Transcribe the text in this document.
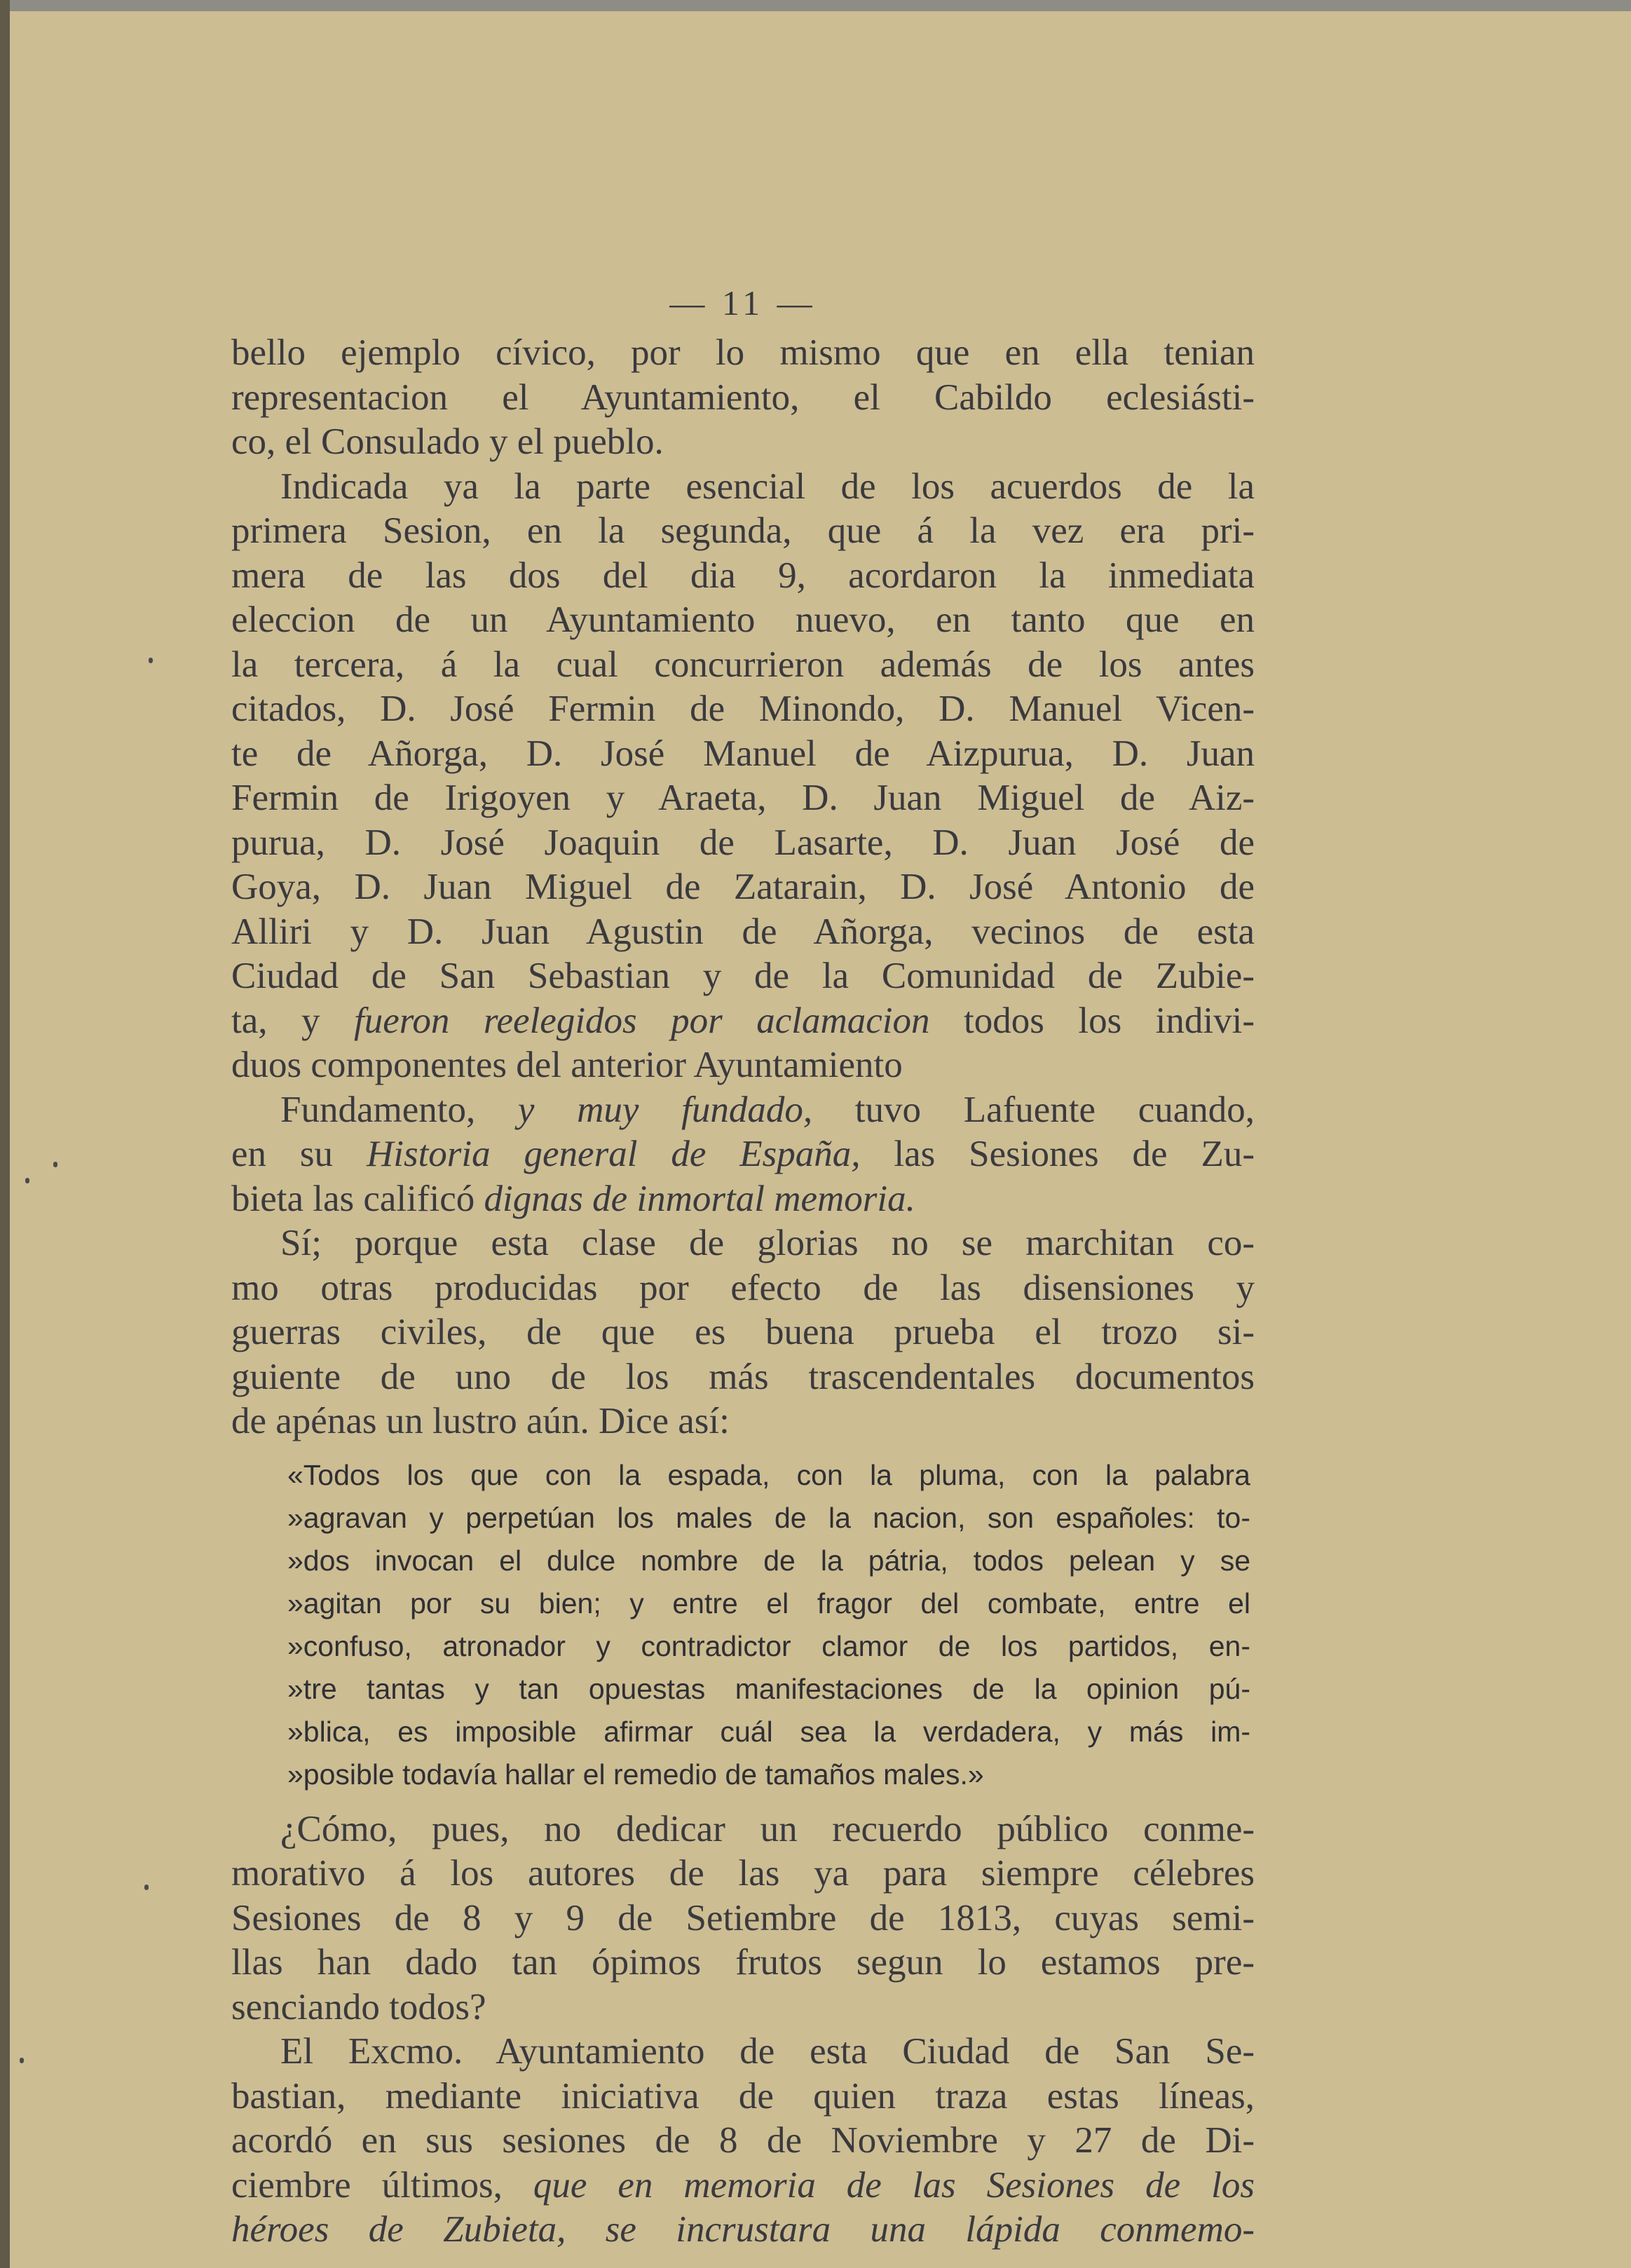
— 11 —
bello ejemplo cívico, por lo mismo que en ella tenian
representacion el Ayuntamiento, el Cabildo eclesiásti-
co, el Consulado y el pueblo.
Indicada ya la parte esencial de los acuerdos de la
primera Sesion, en la segunda, que á la vez era pri-
mera de las dos del dia 9, acordaron la inmediata
eleccion de un Ayuntamiento nuevo, en tanto que en
la tercera, á la cual concurrieron además de los antes
citados, D. José Fermin de Minondo, D. Manuel Vicen-
te de Añorga, D. José Manuel de Aizpurua, D. Juan
Fermin de Irigoyen y Araeta, D. Juan Miguel de Aiz-
purua, D. José Joaquin de Lasarte, D. Juan José de
Goya, D. Juan Miguel de Zatarain, D. José Antonio de
Alliri y D. Juan Agustin de Añorga, vecinos de esta
Ciudad de San Sebastian y de la Comunidad de Zubie-
ta, y fueron reelegidos por aclamacion todos los indivi-
duos componentes del anterior Ayuntamiento
Fundamento, y muy fundado, tuvo Lafuente cuando,
en su Historia general de España, las Sesiones de Zu-
bieta las calificó dignas de inmortal memoria.
Sí; porque esta clase de glorias no se marchitan co-
mo otras producidas por efecto de las disensiones y
guerras civiles, de que es buena prueba el trozo si-
guiente de uno de los más trascendentales documentos
de apénas un lustro aún. Dice así:
«Todos los que con la espada, con la pluma, con la palabra
»agravan y perpetúan los males de la nacion, son españoles: to-
»dos invocan el dulce nombre de la pátria, todos pelean y se
»agitan por su bien; y entre el fragor del combate, entre el
»confuso, atronador y contradictor clamor de los partidos, en-
»tre tantas y tan opuestas manifestaciones de la opinion pú-
»blica, es imposible afirmar cuál sea la verdadera, y más im-
»posible todavía hallar el remedio de tamaños males.»
¿Cómo, pues, no dedicar un recuerdo público conme-
morativo á los autores de las ya para siempre célebres
Sesiones de 8 y 9 de Setiembre de 1813, cuyas semi-
llas han dado tan ópimos frutos segun lo estamos pre-
senciando todos?
El Excmo. Ayuntamiento de esta Ciudad de San Se-
bastian, mediante iniciativa de quien traza estas líneas,
acordó en sus sesiones de 8 de Noviembre y 27 de Di-
ciembre últimos, que en memoria de las Sesiones de los
héroes de Zubieta, se incrustara una lápida conmemo-
